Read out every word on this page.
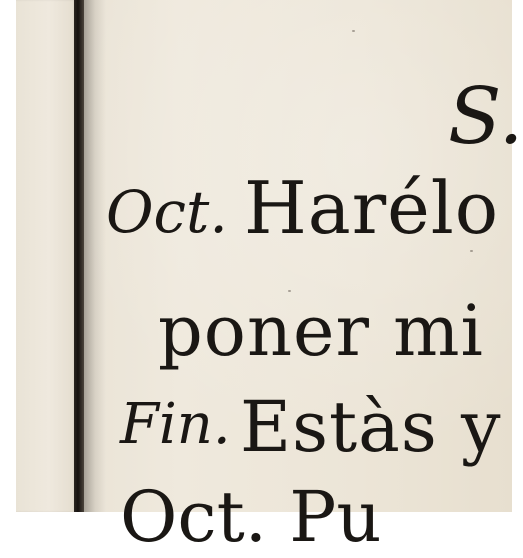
S.
Oct. Harélo
poner mi
Fin. Estàs y
Oct. Pu
